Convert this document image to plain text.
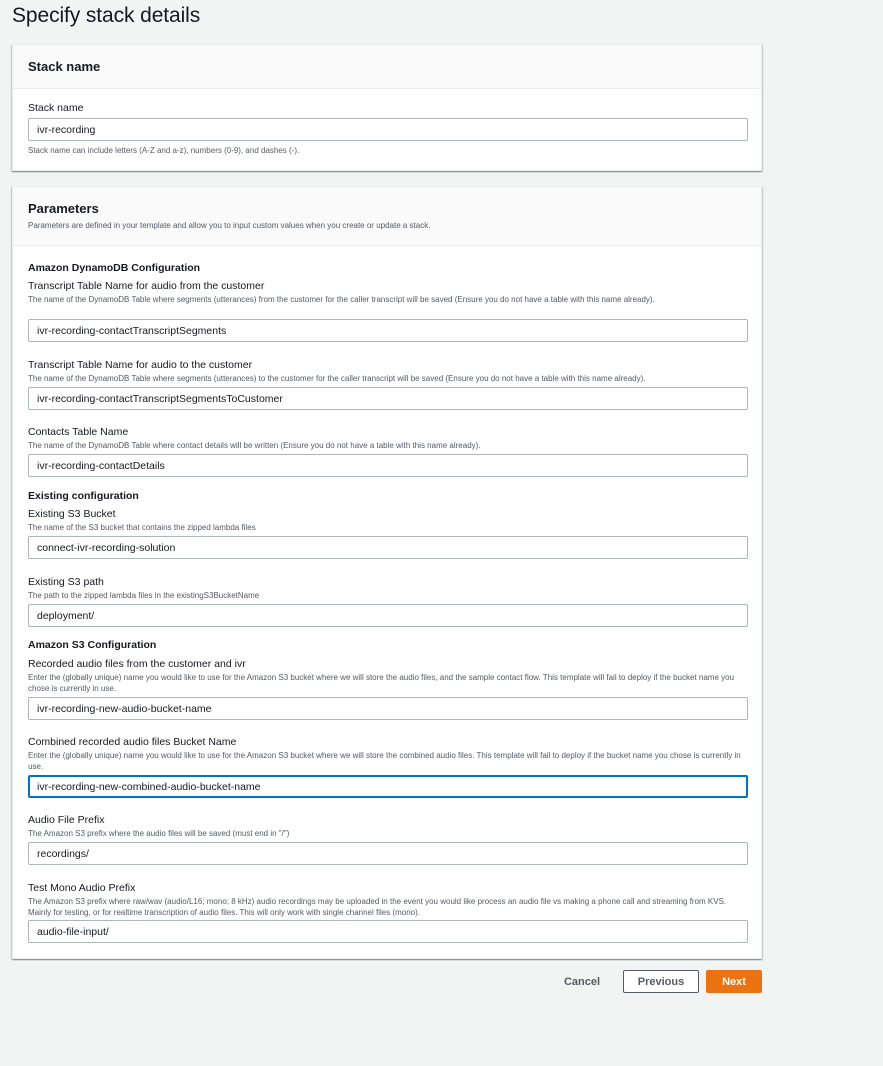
Specify stack details
Stack name
Stack name
ivr-recording
Stack name can include letters (A-Z and a-z), numbers (0-9), and dashes (-).
Parameters
Parameters are defined in your template and allow you to input custom values when you create or update a stack.
Amazon DynamoDB Configuration
Transcript Table Name for audio from the customer
The name of the DynamoDB Table where segments (utterances) from the customer for the caller transcript will be saved (Ensure you do not have a table with this name already).
ivr-recording-contactTranscriptSegments
Transcript Table Name for audio to the customer
The name of the DynamoDB Table where segments (utterances) to the customer for the caller transcript will be saved (Ensure you do not have a table with this name already).
ivr-recording-contactTranscriptSegmentsToCustomer
Contacts Table Name
The name of the DynamoDB Table where contact details will be written (Ensure you do not have a table with this name already).
ivr-recording-contactDetails
Existing configuration
Existing S3 Bucket
The name of the S3 bucket that contains the zipped lambda files
connect-ivr-recording-solution
Existing S3 path
The path to the zipped lambda files in the existingS3BucketName
deployment/
Amazon S3 Configuration
Recorded audio files from the customer and ivr
Enter the (globally unique) name you would like to use for the Amazon S3 bucket where we will store the audio files, and the sample contact flow. This template will fail to deploy if the bucket name you chose is currently in use.
ivr-recording-new-audio-bucket-name
Combined recorded audio files Bucket Name
Enter the (globally unique) name you would like to use for the Amazon S3 bucket where we will store the combined audio files. This template will fail to deploy if the bucket name you chose is currently in use.
ivr-recording-new-combined-audio-bucket-name
Audio File Prefix
The Amazon S3 prefix where the audio files will be saved (must end in "/")
recordings/
Test Mono Audio Prefix
The Amazon S3 prefix where raw/wav (audio/L16; mono; 8 kHz) audio recordings may be uploaded in the event you would like process an audio file vs making a phone call and streaming from KVS. Mainly for testing, or for realtime transcription of audio files. This will only work with single channel files (mono).
audio-file-input/
Cancel	Previous	Next
